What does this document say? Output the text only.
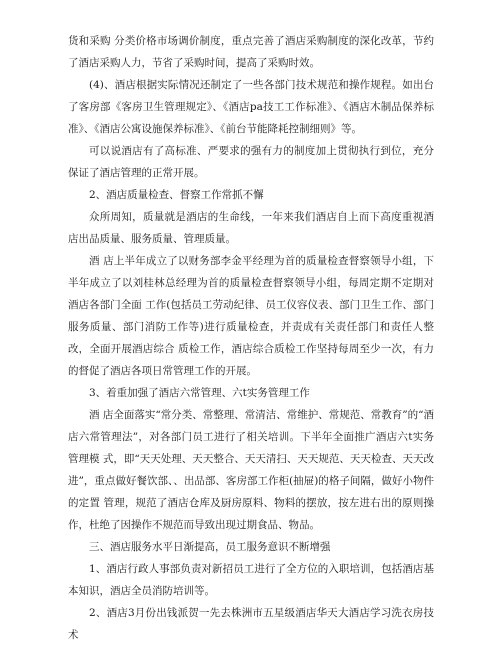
货和采购 分类价格市场调价制度，重点完善了酒店采购制度的深化改革，节约了酒店采购人力，节省了采购时间，提高了采购时效。

(4)、酒店根据实际情况还制定了一些各部门技术规范和操作规程。如出台了客房部《客房卫生管理规定》、《酒店pa技工工作标准》、《酒店木制品保养标准》、《酒店公寓设施保养标准》、《前台节能降耗控制细则》等。

可以说酒店有了高标准、严要求的强有力的制度加上贯彻执行到位，充分保证了酒店管理的正常开展。

2、酒店质量检查、督察工作常抓不懈

众所周知，质量就是酒店的生命线，一年来我们酒店自上而下高度重视酒店出品质量、服务质量、管理质量。

酒 店上半年成立了以财务部李金平经理为首的质量检查督察领导小组，下半年成立了以刘桂林总经理为首的质量检查督察领导小组，每周定期不定期对酒店各部门全面 工作(包括员工劳动纪律、员工仪容仪表、部门卫生工作、部门服务质量、部门消防工作等)进行质量检查，并责成有关责任部门和责任人整改，全面开展酒店综合 质检工作，酒店综合质检工作坚持每周至少一次，有力的督促了酒店各项日常管理工作的开展。

3、着重加强了酒店六常管理、六t实务管理工作

酒 店全面落实“常分类、常整理、常清洁、常维护、常规范、常教育”的“酒店六常管理法”，对各部门员工进行了相关培训。下半年全面推广酒店六t实务管理模 式，即“天天处理、天天整合、天天清扫、天天规范、天天检查、天天改进”，重点做好餐饮部、、出品部、客房部工作柜(抽屉)的格子间隔，做好小物件的定置 管理，规范了酒店仓库及厨房原料、物料的摆放，按左进右出的原则操作，杜绝了因操作不规范而导致出现过期食品、物品。

三、酒店服务水平日渐提高，员工服务意识不断增强

1、酒店行政人事部负责对新招员工进行了全方位的入职培训，包括酒店基本知识，酒店全员消防培训等。

2、酒店3月份出钱派贺一先去株洲市五星级酒店华天大酒店学习洗衣房技术
